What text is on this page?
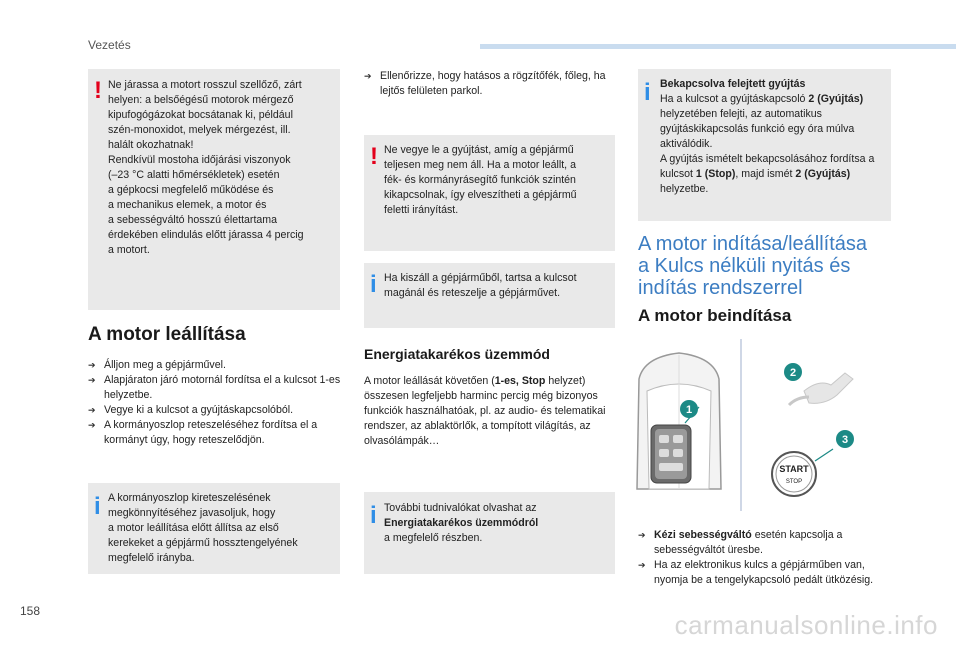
Vezetés
! Ne járassa a motort rosszul szellőző, zárt
helyen: a belsőégésű motorok mérgező
kipufogógázokat bocsátanak ki, például
szén-monoxidot, melyek mérgezést, ill.
halált okozhatnak!
Rendkívül mostoha időjárási viszonyok
(–23 °C alatti hőmérsékletek) esetén
a gépkocsi megfelelő működése és
a mechanikus elemek, a motor és
a sebességváltó hosszú élettartama
érdekében elindulás előtt járassa 4 percig
a motort.
A motor leállítása
➔ Álljon meg a gépjárművel.
➔ Alapjáraton járó motornál fordítsa el a kulcsot 1-es helyzetbe.
➔ Vegye ki a kulcsot a gyújtáskapcsolóból.
➔ A kormányoszlop reteszeléséhez fordítsa el a kormányt úgy, hogy reteszelődjön.
i A kormányoszlop kireteszelésének
megkönnyítéséhez javasoljuk, hogy
a motor leállítása előtt állítsa az első
kerekeket a gépjármű hossztengelyének
megfelelő irányba.
➔ Ellenőrizze, hogy hatásos a rögzítőfék, főleg, ha lejtős felületen parkol.
! Ne vegye le a gyújtást, amíg a gépjármű
teljesen meg nem áll. Ha a motor leállt, a
fék- és kormányrásegítő funkciók szintén
kikapcsolnak, így elveszítheti a gépjármű
feletti irányítást.
i Ha kiszáll a gépjárműből, tartsa a kulcsot
magánál és reteszelje a gépjárművet.
Energiatakarékos üzemmód
A motor leállását követően (1-es, Stop helyzet) összesen legfeljebb harminc percig még bizonyos funkciók használhatóak, pl. az audio- és telematikai rendszer, az ablaktörlők, a tompított világítás, az olvasólámpák…
i További tudnivalókat olvashat az
Energiatakarékos üzemmódról
a megfelelő részben.
i Bekapcsolva felejtett gyújtás
Ha a kulcsot a gyújtáskapcsoló 2 (Gyújtás) helyzetében felejti, az automatikus gyújtáskikapcsolás funkció egy óra múlva aktiválódik.
A gyújtás ismételt bekapcsolásához fordítsa a kulcsot 1 (Stop), majd ismét 2 (Gyújtás) helyzetbe.
A motor indítása/leállítása
a Kulcs nélküli nyitás és
indítás rendszerrel
A motor beindítása
START
STOP
1
2
3
➔ Kézi sebességváltó esetén kapcsolja a sebességváltót üresbe.
➔ Ha az elektronikus kulcs a gépjárműben van, nyomja be a tengelykapcsoló pedált ütközésig.
158	carmanualsonline.info
